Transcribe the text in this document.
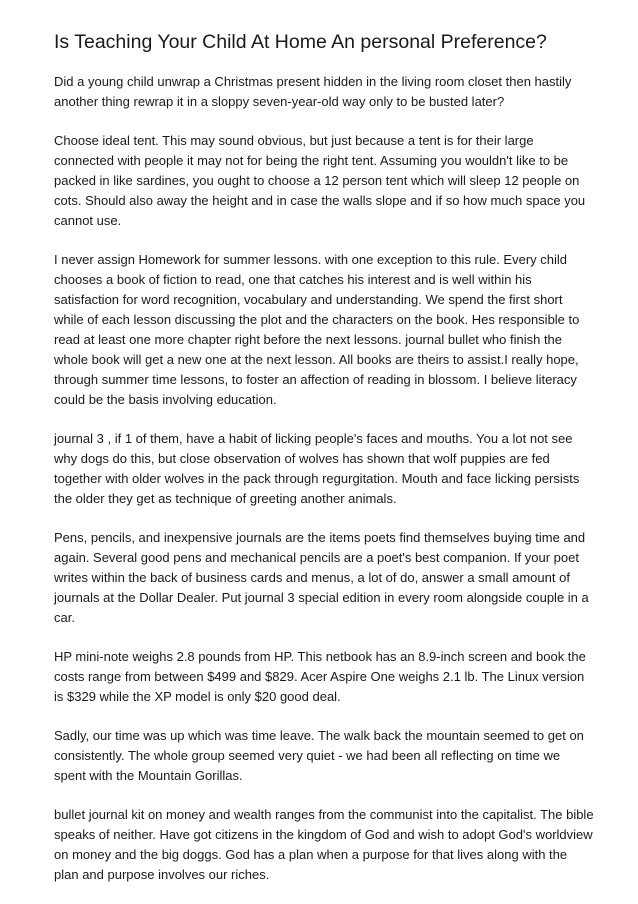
Is Teaching Your Child At Home An personal Preference?

Did a young child unwrap a Christmas present hidden in the living room closet then hastily another thing rewrap it in a sloppy seven-year-old way only to be busted later?

Choose ideal tent. This may sound obvious, but just because a tent is for their large connected with people it may not for being the right tent. Assuming you wouldn't like to be packed in like sardines, you ought to choose a 12 person tent which will sleep 12 people on cots. Should also away the height and in case the walls slope and if so how much space you cannot use.

I never assign Homework for summer lessons. with one exception to this rule. Every child chooses a book of fiction to read, one that catches his interest and is well within his satisfaction for word recognition, vocabulary and understanding. We spend the first short while of each lesson discussing the plot and the characters on the book. Hes responsible to read at least one more chapter right before the next lessons. journal bullet who finish the whole book will get a new one at the next lesson. All books are theirs to assist.I really hope, through summer time lessons, to foster an affection of reading in blossom. I believe literacy could be the basis involving education.

journal 3 , if 1 of them, have a habit of licking people's faces and mouths. You a lot not see why dogs do this, but close observation of wolves has shown that wolf puppies are fed together with older wolves in the pack through regurgitation. Mouth and face licking persists the older they get as technique of greeting another animals.

Pens, pencils, and inexpensive journals are the items poets find themselves buying time and again. Several good pens and mechanical pencils are a poet's best companion. If your poet writes within the back of business cards and menus, a lot of do, answer a small amount of journals at the Dollar Dealer. Put journal 3 special edition in every room alongside couple in a car.

HP mini-note weighs 2.8 pounds from HP. This netbook has an 8.9-inch screen and book the costs range from between $499 and $829. Acer Aspire One weighs 2.1 lb. The Linux version is $329 while the XP model is only $20 good deal.

Sadly, our time was up which was time leave. The walk back the mountain seemed to get on consistently. The whole group seemed very quiet - we had been all reflecting on time we spent with the Mountain Gorillas.

bullet journal kit on money and wealth ranges from the communist into the capitalist. The bible speaks of neither. Have got citizens in the kingdom of God and wish to adopt God's worldview on money and the big doggs. God has a plan when a purpose for that lives along with the plan and purpose involves our riches.
